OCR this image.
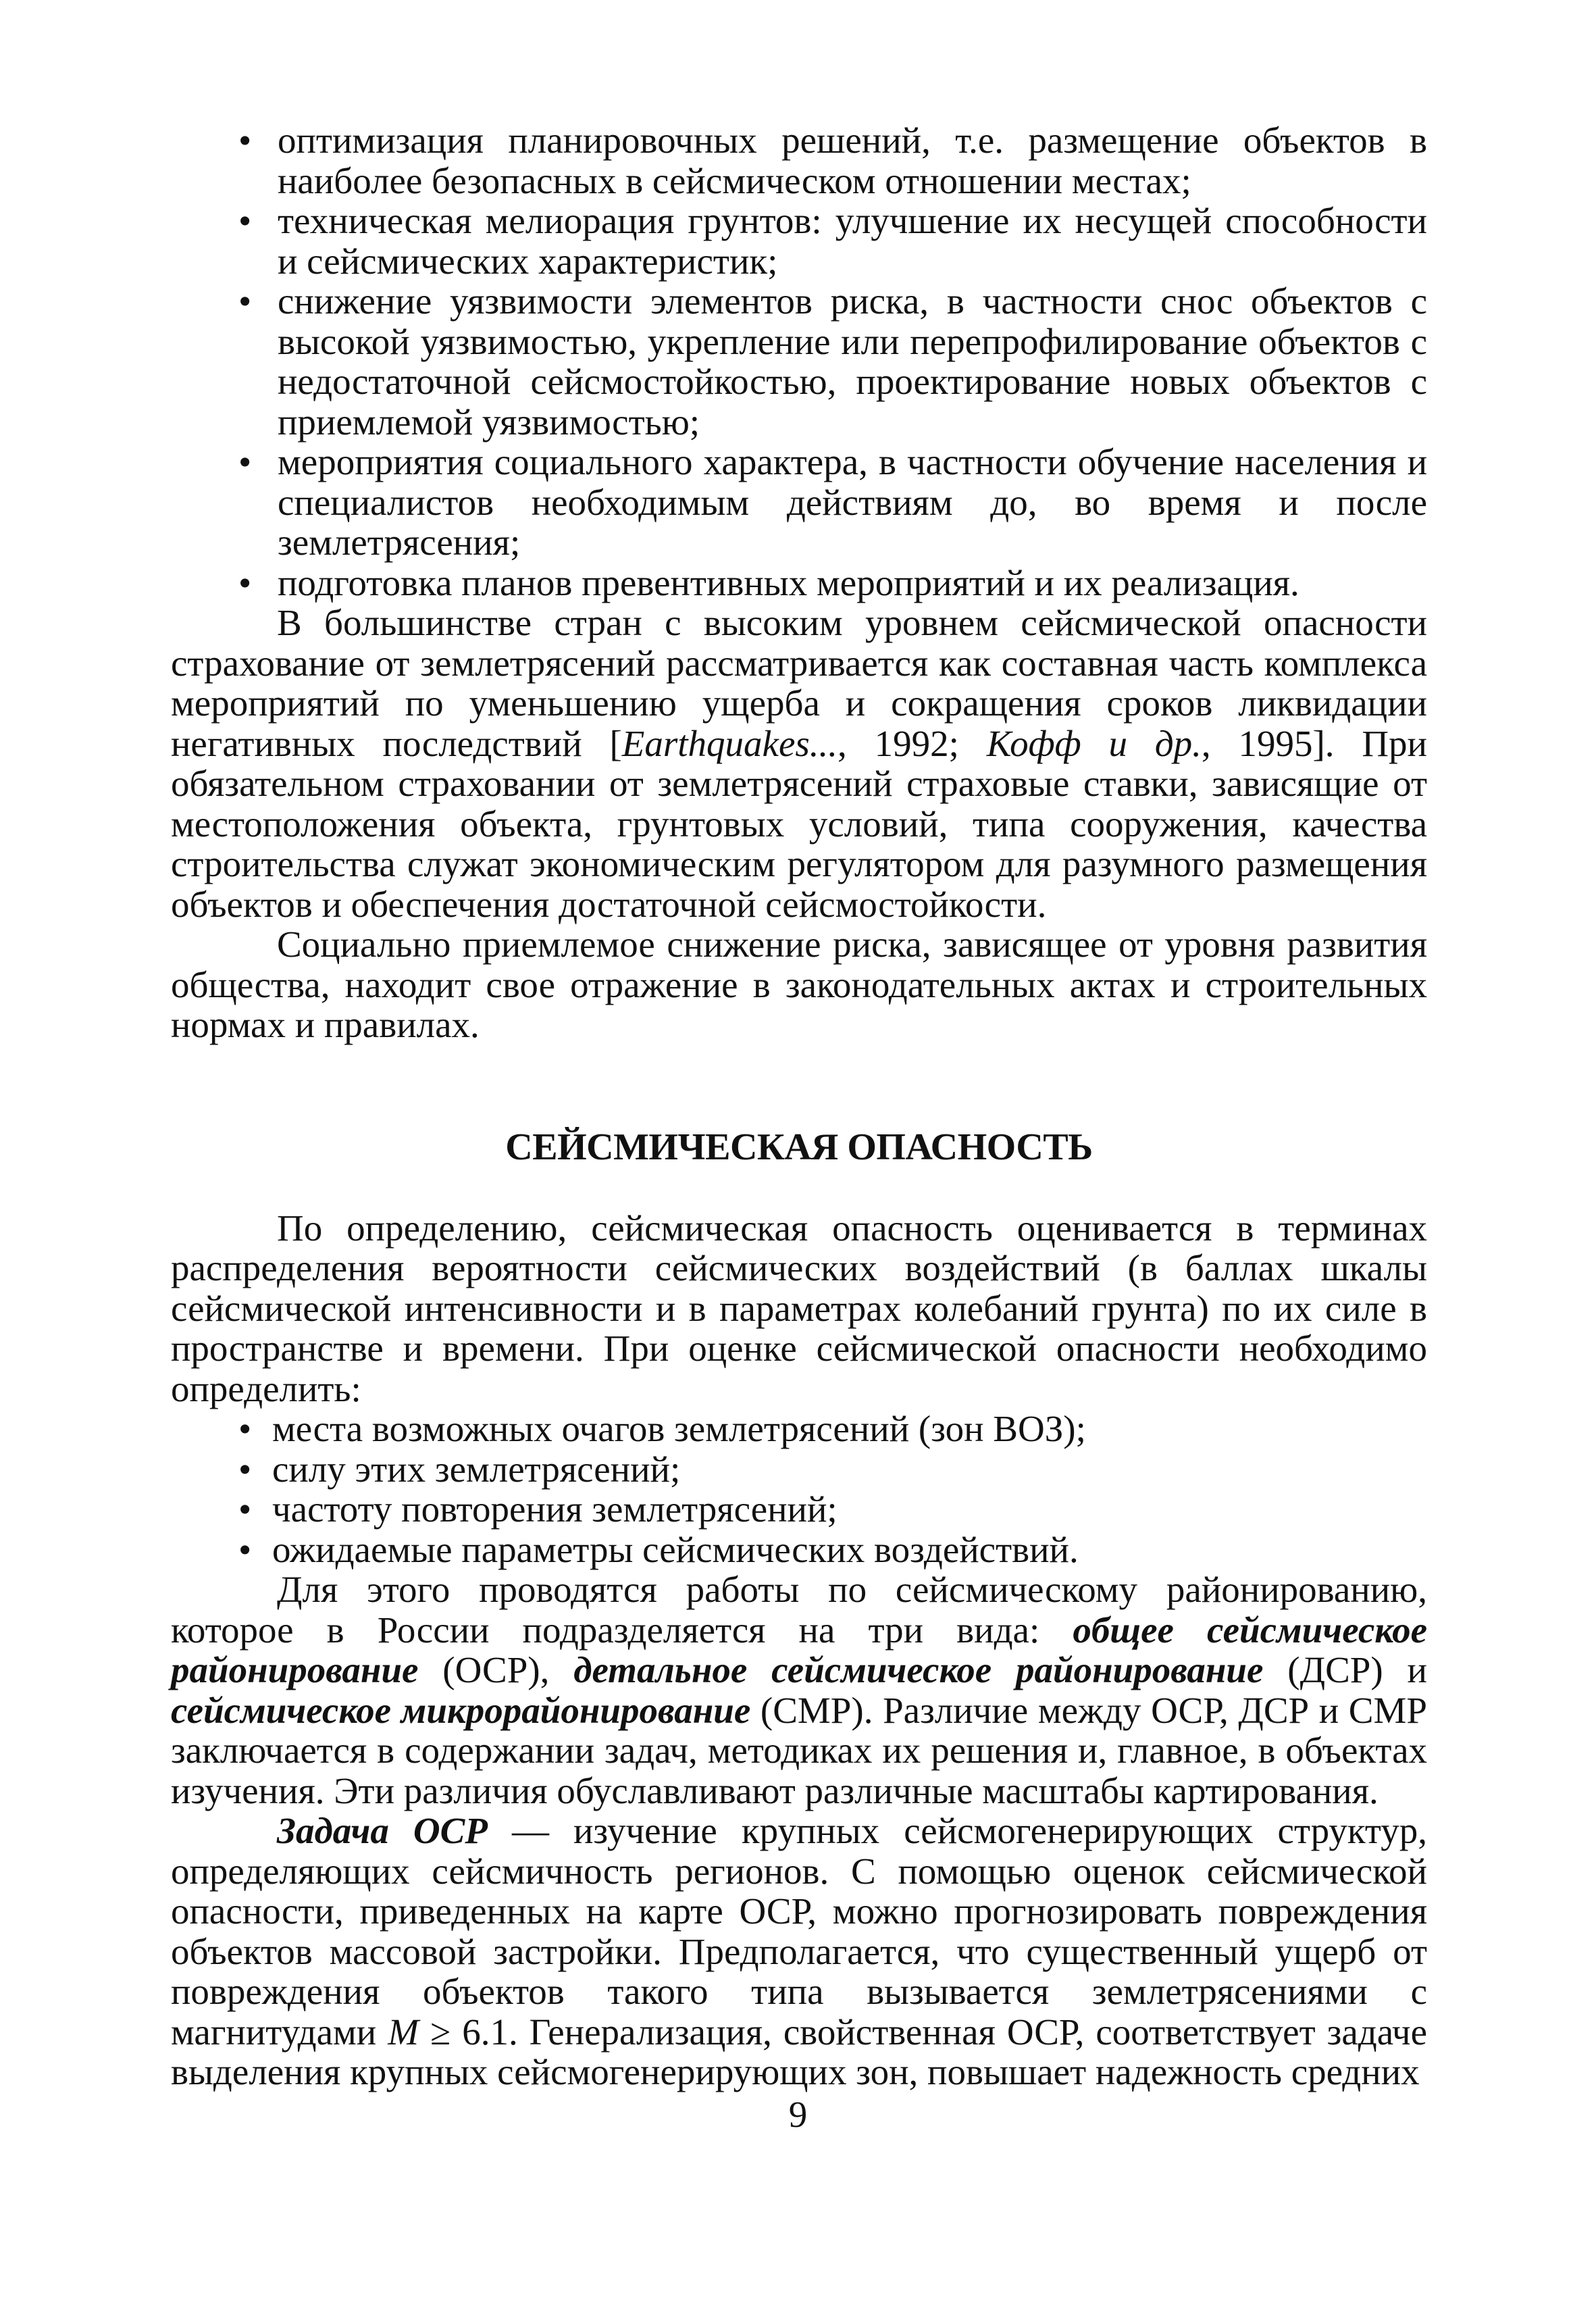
• оптимизация планировочных решений, т.е. размещение объектов в наиболее безопасных в сейсмическом отношении местах;
• техническая мелиорация грунтов: улучшение их несущей способности и сейсмических характеристик;
• снижение уязвимости элементов риска, в частности снос объектов с высокой уязвимостью, укрепление или перепрофилирование объектов с недостаточной сейсмостойкостью, проектирование новых объектов с приемлемой уязвимостью;
• мероприятия социального характера, в частности обучение населения и специалистов необходимым действиям до, во время и после землетрясения;
• подготовка планов превентивных мероприятий и их реализация.

В большинстве стран с высоким уровнем сейсмической опасности страхование от землетрясений рассматривается как составная часть комплекса мероприятий по уменьшению ущерба и сокращения сроков ликвидации негативных последствий [Earthquakes..., 1992; Кофф и др., 1995]. При обязательном страховании от землетрясений страховые ставки, зависящие от местоположения объекта, грунтовых условий, типа сооружения, качества строительства служат экономическим регулятором для разумного размещения объектов и обеспечения достаточной сейсмостойкости.

Социально приемлемое снижение риска, зависящее от уровня развития общества, находит свое отражение в законодательных актах и строительных нормах и правилах.

СЕЙСМИЧЕСКАЯ ОПАСНОСТЬ

По определению, сейсмическая опасность оценивается в терминах распределения вероятности сейсмических воздействий (в баллах шкалы сейсмической интенсивности и в параметрах колебаний грунта) по их силе в пространстве и времени. При оценке сейсмической опасности необходимо определить:

• места возможных очагов землетрясений (зон ВОЗ);
• силу этих землетрясений;
• частоту повторения землетрясений;
• ожидаемые параметры сейсмических воздействий.

Для этого проводятся работы по сейсмическому районированию, которое в России подразделяется на три вида: общее сейсмическое районирование (ОСР), детальное сейсмическое районирование (ДСР) и сейсмическое микрорайонирование (СМР). Различие между ОСР, ДСР и СМР заключается в содержании задач, методиках их решения и, главное, в объектах изучения. Эти различия обуславливают различные масштабы картирования.

Задача ОСР — изучение крупных сейсмогенерирующих структур, определяющих сейсмичность регионов. С помощью оценок сейсмической опасности, приведенных на карте ОСР, можно прогнозировать повреждения объектов массовой застройки. Предполагается, что существенный ущерб от повреждения объектов такого типа вызывается землетрясениями с магнитудами M ≥ 6.1. Генерализация, свойственная ОСР, соответствует задаче выделения крупных сейсмогенерирующих зон, повышает надежность средних

9
